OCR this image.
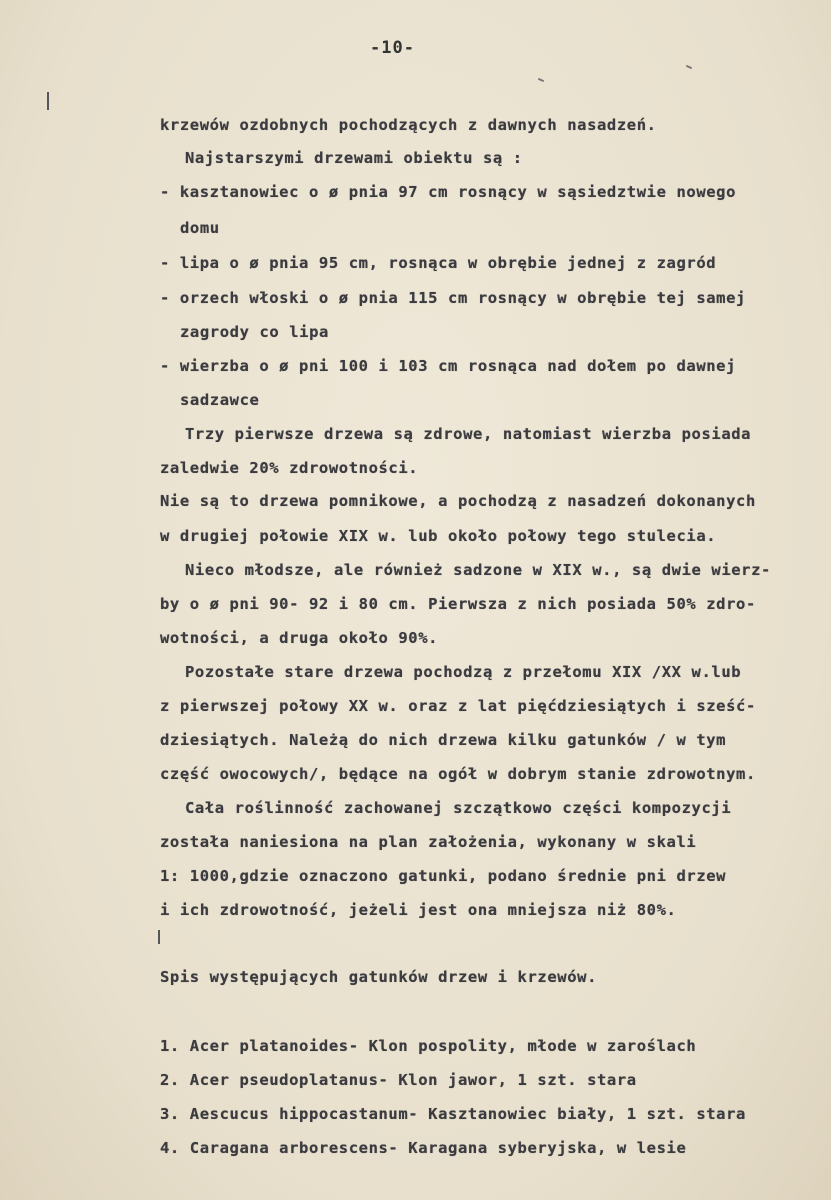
-10-
krzewów ozdobnych pochodzących z dawnych nasadzeń.
Najstarszymi drzewami obiektu są :
- kasztanowiec o ø pnia 97 cm rosnący w sąsiedztwie nowego
domu
- lipa o ø pnia 95 cm, rosnąca w obrębie jednej z zagród
- orzech włoski o ø pnia 115 cm rosnący w obrębie tej samej
zagrody co lipa
- wierzba o ø pni 100 i 103 cm rosnąca nad dołem po dawnej
sadzawce
Trzy pierwsze drzewa są zdrowe, natomiast wierzba posiada
zaledwie 20% zdrowotności.
Nie są to drzewa pomnikowe, a pochodzą z nasadzeń dokonanych
w drugiej połowie XIX w. lub około połowy tego stulecia.
Nieco młodsze, ale również sadzone w XIX w., są dwie wierz-
by o ø pni 90- 92 i 80 cm. Pierwsza z nich posiada 50% zdro-
wotności, a druga około 90%.
Pozostałe stare drzewa pochodzą z przełomu XIX /XX w.lub
z pierwszej połowy XX w. oraz z lat pięćdziesiątych i sześć-
dziesiątych. Należą do nich drzewa kilku gatunków / w tym
część owocowych/, będące na ogół w dobrym stanie zdrowotnym.
Cała roślinność zachowanej szczątkowo części kompozycji
została naniesiona na plan założenia, wykonany w skali
1: 1000,gdzie oznaczono gatunki, podano średnie pni drzew
i ich zdrowotność, jeżeli jest ona mniejsza niż 80%.
Spis występujących gatunków drzew i krzewów.
1. Acer platanoides- Klon pospolity, młode w zaroślach
2. Acer pseudoplatanus- Klon jawor, 1 szt. stara
3. Aescucus hippocastanum- Kasztanowiec biały, 1 szt. stara
4. Caragana arborescens- Karagana syberyjska, w lesie
